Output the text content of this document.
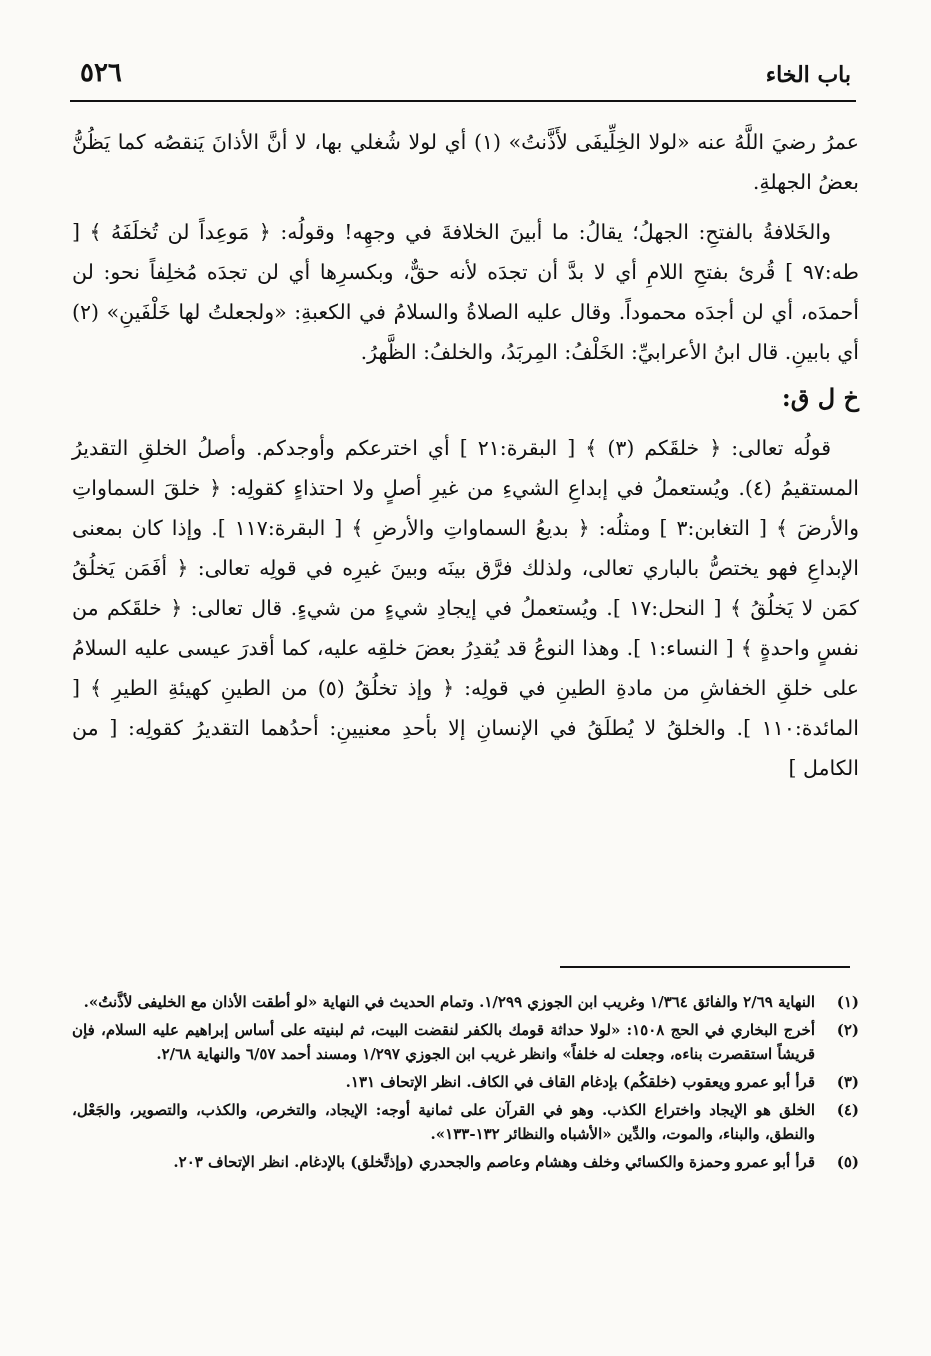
باب الخاء
٥٢٦

عمرُ رضيَ اللَّهُ عنه «لولا الخِلِّيفَى لأَذَّنتُ» (١) أي لولا شُغلي بها، لا أنَّ الأذانَ يَنقصُه كما يَظُنُّ بعضُ الجهلةِ.

والخَلافةُ بالفتحِ: الجهلُ؛ يقالُ: ما أبينَ الخلافةَ في وجهِه! وقولُه: ﴿ مَوعِداً لن تُخلَفَهُ ﴾ [ طه:٩٧ ] قُرئ بفتحِ اللامِ أي لا بدَّ أن تجدَه لأنه حقٌّ، وبكسرِها أي لن تجدَه مُخلِفاً نحو: لن أحمدَه، أي لن أجدَه محموداً. وقال عليه الصلاةُ والسلامُ في الكعبةِ: «ولجعلتُ لها خَلْفَينِ» (٢) أي بابينِ. قال ابنُ الأعرابيِّ: الخَلْفُ: المِربَدُ، والخلفُ: الظَّهرُ.

خ ل ق:

قولُه تعالى: ﴿ خلقَكم (٣) ﴾ [ البقرة:٢١ ] أي اخترعكم وأوجدكم. وأصلُ الخلقِ التقديرُ المستقيمُ (٤). ويُستعملُ في إبداعِ الشيءِ من غيرِ أصلٍ ولا احتذاءٍ كقولِه: ﴿ خلقَ السماواتِ والأرضَ ﴾ [ التغابن:٣ ] ومثلُه: ﴿ بديعُ السماواتِ والأرضِ ﴾ [ البقرة:١١٧ ]. وإذا كان بمعنى الإبداعِ فهو يختصُّ بالباري تعالى، ولذلك فرَّق بينَه وبينَ غيرِه في قولِه تعالى: ﴿ أفَمَن يَخلُقُ كمَن لا يَخلُقُ ﴾ [ النحل:١٧ ]. ويُستعملُ في إيجادِ شيءٍ من شيءٍ. قال تعالى: ﴿ خلقَكم من نفسٍ واحدةٍ ﴾ [ النساء:١ ]. وهذا النوعُ قد يُقدِرُ بعضَ خلقِه عليه، كما أقدرَ عيسى عليه السلامُ على خلقِ الخفاشِ من مادةِ الطينِ في قولِه: ﴿ وإذ تخلُقُ (٥) من الطينِ كهيئةِ الطيرِ ﴾ [ المائدة:١١٠ ]. والخلقُ لا يُطلَقُ في الإنسانِ إلا بأحدِ معنيينِ: أحدُهما التقديرُ كقولِه: [ من الكامل ]

(١)
النهاية ٢/٦٩ والفائق ١/٣٦٤ وغريب ابن الجوزي ١/٢٩٩. وتمام الحديث في النهاية «لو أطقت الأذان مع الخليفى لأذَّنتُ».
(٢)
أخرج البخاري في الحج ١٥٠٨: «لولا حداثة قومك بالكفر لنقضت البيت، ثم لبنيته على أساس إبراهيم عليه السلام، فإن قريشاً استقصرت بناءه، وجعلت له خلفاً» وانظر غريب ابن الجوزي ١/٢٩٧ ومسند أحمد ٦/٥٧ والنهاية ٢/٦٨.
(٣)
قرأ أبو عمرو ويعقوب (خلقكُم) بإدغام القاف في الكاف. انظر الإتحاف ١٣١.
(٤)
الخلق هو الإيجاد واختراع الكذب. وهو في القرآن على ثمانية أوجه: الإيجاد، والتخرص، والكذب، والتصوير، والجَعْل، والنطق، والبناء، والموت، والدِّين «الأشباه والنظائر ١٣٢-١٣٣».
(٥)
قرأ أبو عمرو وحمزة والكسائي وخلف وهشام وعاصم والجحدري (وإذتَّخلق) بالإدغام. انظر الإتحاف ٢٠٣.
